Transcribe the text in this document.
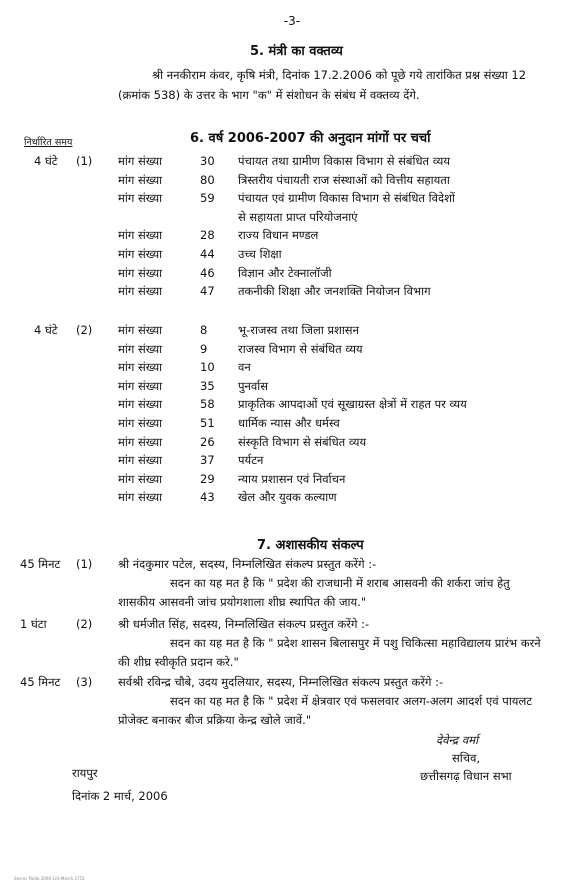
-3-
5. मंत्री का वक्तव्य
श्री ननकीराम कंवर, कृषि मंत्री, दिनांक 17.2.2006 को पूछे गये तारांकित प्रश्न संख्या 12
(क्रमांक 538) के उत्तर के भाग "क" में संशोधन के संबंध में वक्तव्य देंगे.
6. वर्ष 2006-2007 की अनुदान मांगों पर चर्चा
निर्धारित समय
4 घंटे (1) मांग संख्या	30 पंचायत तथा ग्रामीण विकास विभाग से संबंधित व्यय
मांग संख्या	80 त्रिस्तरीय पंचायती राज संस्थाओं को वित्तीय सहायता
मांग संख्या	59 पंचायत एवं ग्रामीण विकास विभाग से संबंधित विदेशों
से सहायता प्राप्त परियोजनाएं
मांग संख्या	28 राज्य विधान मण्डल
मांग संख्या	44 उच्च शिक्षा
मांग संख्या	46 विज्ञान और टेक्नालॉजी
मांग संख्या	47 तकनीकी शिक्षा और जनशक्ति नियोजन विभाग
4 घंटे (2) मांग संख्या	8	भू-राजस्व तथा जिला प्रशासन
मांग संख्या	9	राजस्व विभाग से संबंधित व्यय
मांग संख्या	10 वन
मांग संख्या	35 पुनर्वास
मांग संख्या	58 प्राकृतिक आपदाओं एवं सूखाग्रस्त क्षेत्रों में राहत पर व्यय
मांग संख्या	51 धार्मिक न्यास और धर्मस्व
मांग संख्या	26 संस्कृति विभाग से संबंधित व्यय
मांग संख्या	37 पर्यटन
मांग संख्या	29 न्याय प्रशासन एवं निर्वाचन
मांग संख्या	43 खेल और युवक कल्याण
7. अशासकीय संकल्प
45 मिनट (1) श्री नंदकुमार पटेल, सदस्य, निम्नलिखित संकल्प प्रस्तुत करेंगे :-
सदन का यह मत है कि " प्रदेश की राजधानी में शराब आसवनी की शर्करा जांच हेतु
शासकीय आसवनी जांच प्रयोगशाला शीघ्र स्थापित की जाय."
1 घंटा	(2) श्री धर्मजीत सिंह, सदस्य, निम्नलिखित संकल्प प्रस्तुत करेंगे :-
सदन का यह मत है कि " प्रदेश शासन बिलासपुर में पशु चिकित्सा महाविद्यालय प्रारंभ करने
की शीघ्र स्वीकृति प्रदान करे."
45 मिनट (3) सर्वश्री रविन्द्र चौबे, उदय मुदलियार, सदस्य, निम्नलिखित संकल्प प्रस्तुत करेंगे :-
सदन का यह मत है कि " प्रदेश में क्षेत्रवार एवं फसलवार अलग-अलग आदर्श एवं पायलट
प्रोजेक्ट बनाकर बीज प्रक्रिया केन्द्र खोले जावें."
रायपुर
दिनांक 2 मार्च, 2006
देवेन्द्र वर्मा
सचिव,
छत्तीसगढ़ विधान सभा
Secrec Paida 2004 1c0-March 2753
